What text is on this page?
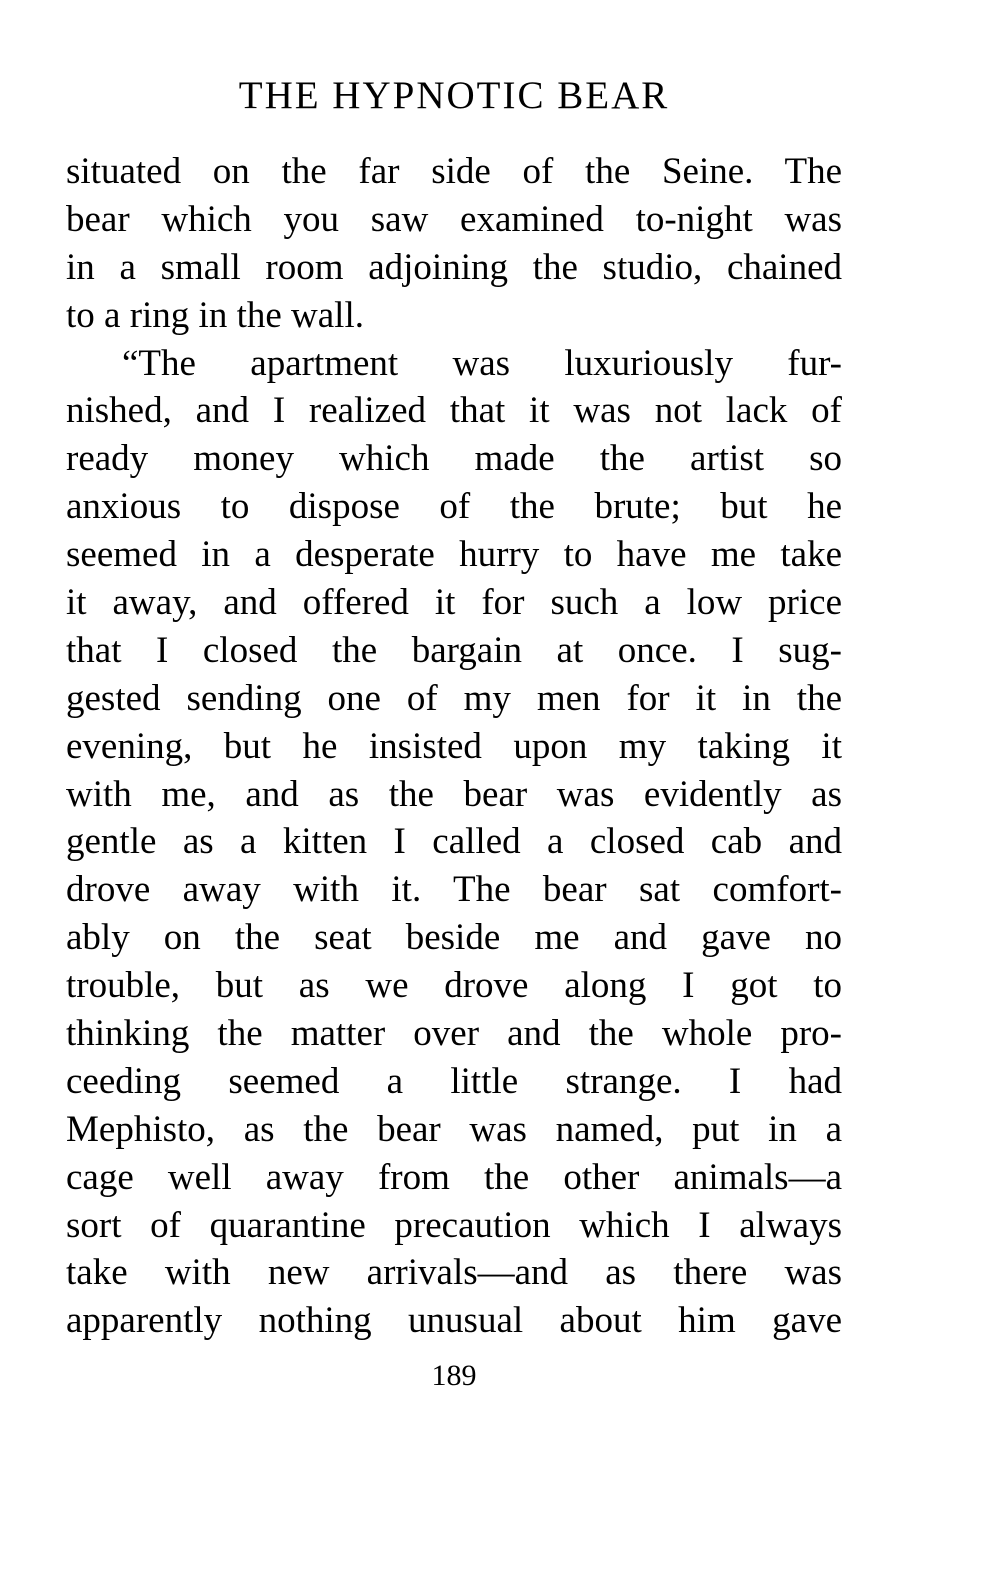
THE HYPNOTIC BEAR
situated on the far side of the Seine. The
bear which you saw examined to-night was
in a small room adjoining the studio, chained
to a ring in the wall.
“The apartment was luxuriously fur-
nished, and I realized that it was not lack of
ready money which made the artist so
anxious to dispose of the brute; but he
seemed in a desperate hurry to have me take
it away, and offered it for such a low price
that I closed the bargain at once. I sug-
gested sending one of my men for it in the
evening, but he insisted upon my taking it
with me, and as the bear was evidently as
gentle as a kitten I called a closed cab and
drove away with it. The bear sat comfort-
ably on the seat beside me and gave no
trouble, but as we drove along I got to
thinking the matter over and the whole pro-
ceeding seemed a little strange. I had
Mephisto, as the bear was named, put in a
cage well away from the other animals—a
sort of quarantine precaution which I always
take with new arrivals—and as there was
apparently nothing unusual about him gave
189
